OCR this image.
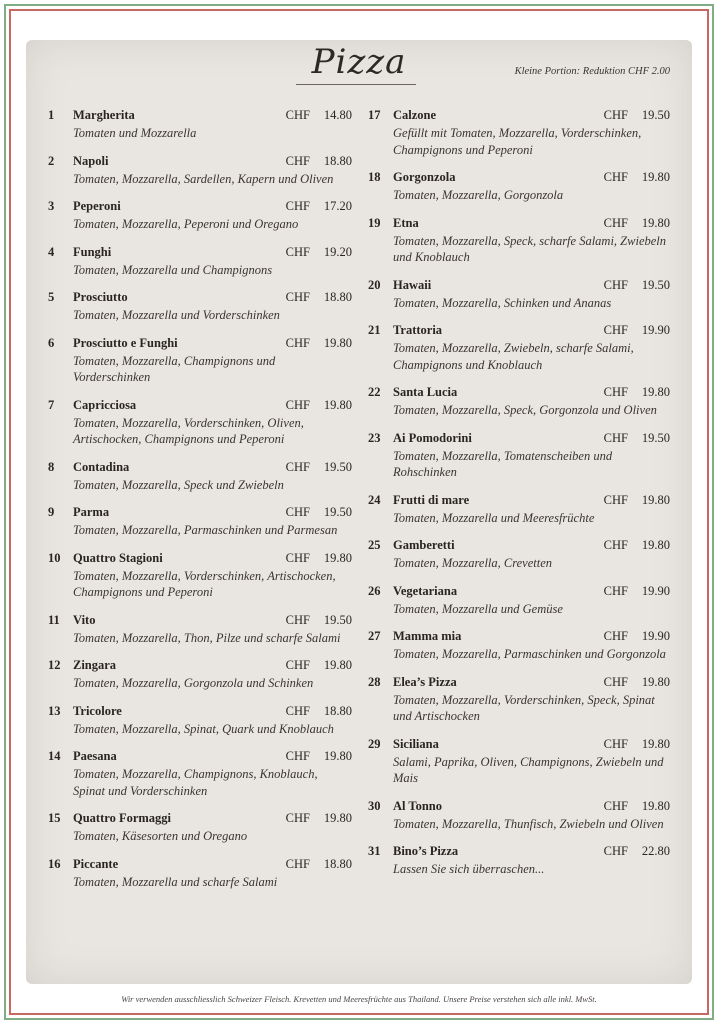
Pizza	Kleine Portion: Reduktion CHF 2.00
1	Margherita	CHF 14.80
Tomaten und Mozzarella
2	Napoli	CHF 18.80
Tomaten, Mozzarella, Sardellen, Kapern und Oliven
3	Peperoni	CHF 17.20
Tomaten, Mozzarella, Peperoni und Oregano
4	Funghi	CHF 19.20
Tomaten, Mozzarella und Champignons
5	Prosciutto	CHF 18.80
Tomaten, Mozzarella und Vorderschinken
6	Prosciutto e Funghi	CHF 19.80
Tomaten, Mozzarella, Champignons und Vorderschinken
7	Capricciosa	CHF 19.80
Tomaten, Mozzarella, Vorderschinken, Oliven, Artischocken, Champignons und Peperoni
8	Contadina	CHF 19.50
Tomaten, Mozzarella, Speck und Zwiebeln
9	Parma	CHF 19.50
Tomaten, Mozzarella, Parmaschinken und Parmesan
10	Quattro Stagioni	CHF 19.80
Tomaten, Mozzarella, Vorderschinken, Artischocken, Champignons und Peperoni
11	Vito	CHF 19.50
Tomaten, Mozzarella, Thon, Pilze und scharfe Salami
12	Zingara	CHF 19.80
Tomaten, Mozzarella, Gorgonzola und Schinken
13	Tricolore	CHF 18.80
Tomaten, Mozzarella, Spinat, Quark und Knoblauch
14	Paesana	CHF 19.80
Tomaten, Mozzarella, Champignons, Knoblauch, Spinat und Vorderschinken
15	Quattro Formaggi	CHF 19.80
Tomaten, Käsesorten und Oregano
16	Piccante	CHF 18.80
Tomaten, Mozzarella und scharfe Salami
17	Calzone	CHF 19.50
Gefüllt mit Tomaten, Mozzarella, Vorderschinken, Champignons und Peperoni
18	Gorgonzola	CHF 19.80
Tomaten, Mozzarella, Gorgonzola
19	Etna	CHF 19.80
Tomaten, Mozzarella, Speck, scharfe Salami, Zwiebeln und Knoblauch
20	Hawaii	CHF 19.50
Tomaten, Mozzarella, Schinken und Ananas
21	Trattoria	CHF 19.90
Tomaten, Mozzarella, Zwiebeln, scharfe Salami, Champignons und Knoblauch
22	Santa Lucia	CHF 19.80
Tomaten, Mozzarella, Speck, Gorgonzola und Oliven
23	Ai Pomodorini	CHF 19.50
Tomaten, Mozzarella, Tomatenscheiben und Rohschinken
24	Frutti di mare	CHF 19.80
Tomaten, Mozzarella und Meeresfrüchte
25	Gamberetti	CHF 19.80
Tomaten, Mozzarella, Crevetten
26	Vegetariana	CHF 19.90
Tomaten, Mozzarella und Gemüse
27	Mamma mia	CHF 19.90
Tomaten, Mozzarella, Parmaschinken und Gorgonzola
28	Elea’s Pizza	CHF 19.80
Tomaten, Mozzarella, Vorderschinken, Speck, Spinat und Artischocken
29	Siciliana	CHF 19.80
Salami, Paprika, Oliven, Champignons, Zwiebeln und Mais
30	Al Tonno	CHF 19.80
Tomaten, Mozzarella, Thunfisch, Zwiebeln und Oliven
31	Bino’s Pizza	CHF 22.80
Lassen Sie sich überraschen...
Wir verwenden ausschliesslich Schweizer Fleisch. Krevetten und Meeresfrüchte aus Thailand. Unsere Preise verstehen sich alle inkl. MwSt.
